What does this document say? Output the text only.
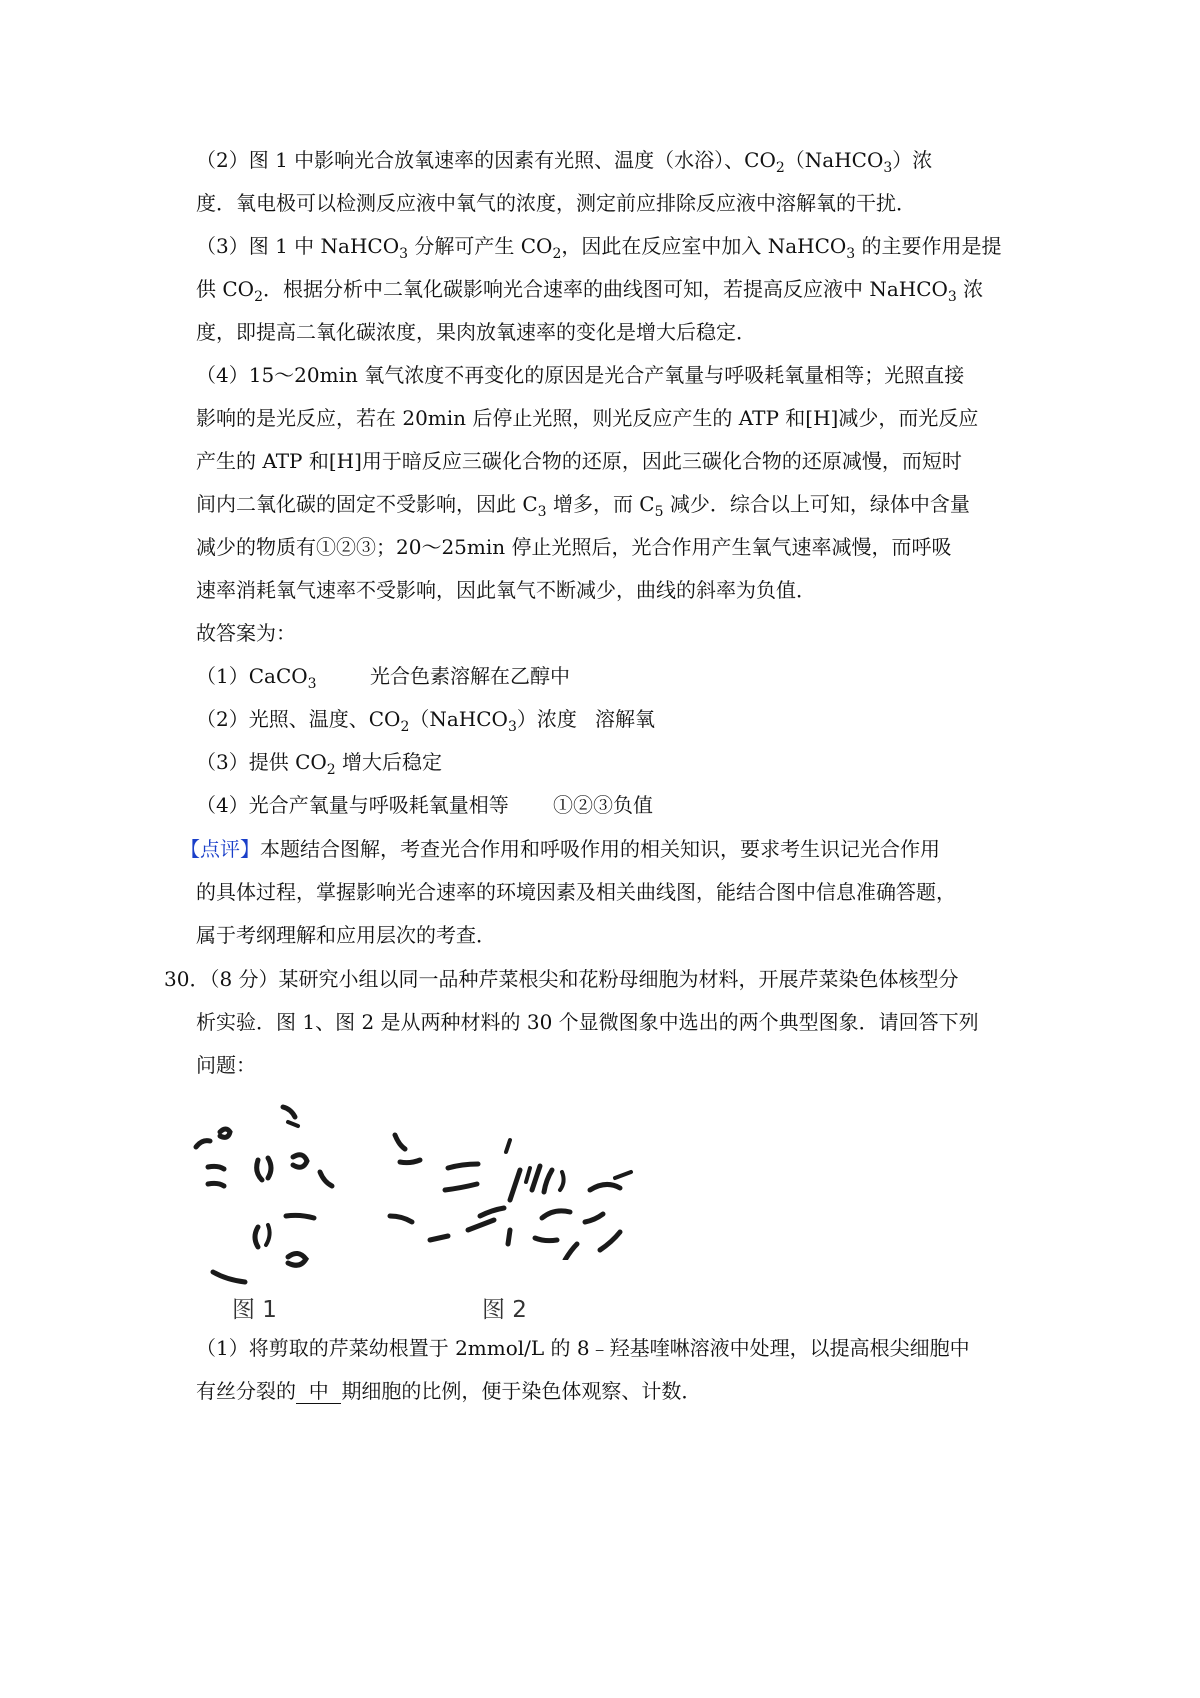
（2）图 1 中影响光合放氧速率的因素有光照、温度（水浴）、$CO_2(NaHCO_3)$浓
度．氧电极可以检测反应液中氧气的浓度，测定前应排除反应液中溶解氧的干扰．
（3）图 1 中 NaHCO$_3$ 分解可产生 $CO_2$，因此在反应室中加入 NaHCO$_3$ 的主要作用是提
供 $CO_2$．根据分析中二氧化碳影响光合速率的曲线图可知，若提高反应液中 NaHCO$_3$ 浓
度，即提高二氧化碳浓度，果肉放氧速率的变化是增大后稳定．
（4）15～20min 氧气浓度不再变化的原因是光合产氧量与呼吸耗氧量相等；光照直接
影响的是光反应，若在 20min 后停止光照，则光反应产生的 ATP 和[H]减少，而光反应
产生的 ATP 和[H]用于暗反应三碳化合物的还原，因此三碳化合物的还原减慢，而短时
间内二氧化碳的固定不受影响，因此 $C_3$ 增多，而 $C_5$ 减少．综合以上可知，绿体中含量
减少的物质有①②③；20～25min 停止光照后，光合作用产生氧气速率减慢，而呼吸
速率消耗氧气速率不受影响，因此氧气不断减少，曲线的斜率为负值．
故答案为：
（1）CaCO$_3$	光合色素溶解在乙醇中
（2）光照、温度、$CO_2(NaHCO_3)$浓度 溶解氧
（3）提供 $CO_2$ 增大后稳定
（4）光合产氧量与呼吸耗氧量相等 ①②③负值
【点评】本题结合图解，考查光合作用和呼吸作用的相关知识，要求考生识记光合作用
的具体过程，掌握影响光合速率的环境因素及相关曲线图，能结合图中信息准确答题，
属于考纲理解和应用层次的考查．
30．（8 分）某研究小组以同一品种芹菜根尖和花粉母细胞为材料，开展芹菜染色体核型分
析实验．图 1、图 2 是从两种材料的 30 个显微图象中选出的两个典型图象．请回答下列
问题：
图 1	图 2
（1）将剪取的芹菜幼根置于 2mmol/L 的 8﹣羟基喹啉溶液中处理，以提高根尖细胞中
有丝分裂的  中  期细胞的比例，便于染色体观察、计数．
